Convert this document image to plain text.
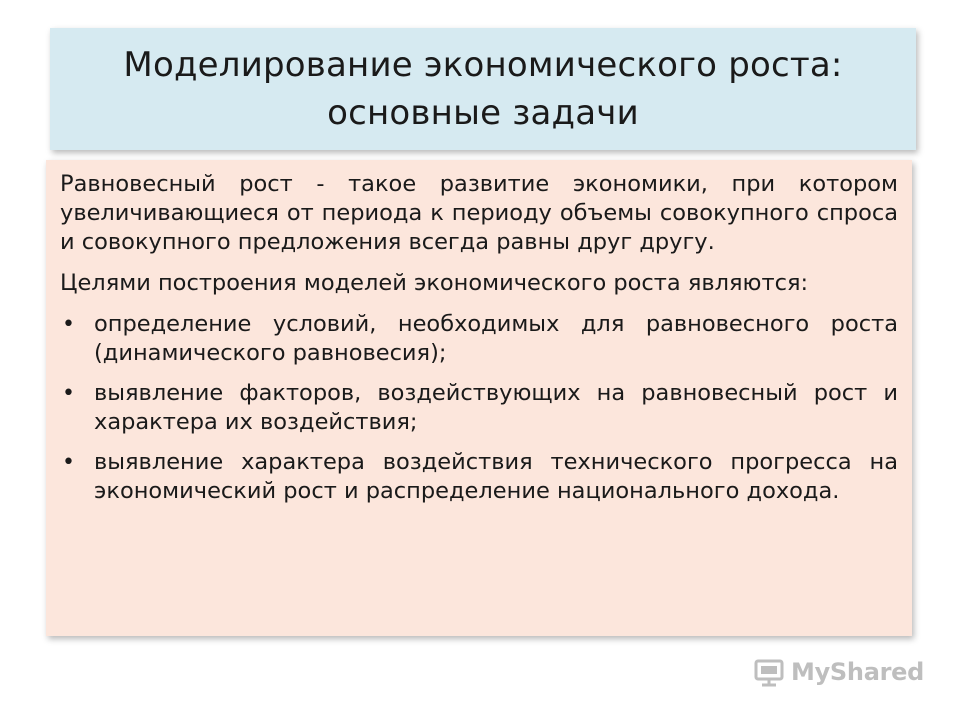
Моделирование экономического роста:
основные задачи

Равновесный рост - такое развитие экономики, при котором увеличивающиеся от периода к периоду объемы совокупного спроса и совокупного предложения всегда равны друг другу.

Целями построения моделей экономического роста являются:

• определение условий, необходимых для равновесного роста (динамического равновесия);
• выявление факторов, воздействующих на равновесный рост и характера их воздействия;
• выявление характера воздействия технического прогресса на экономический рост и распределение национального дохода.
MyShared
